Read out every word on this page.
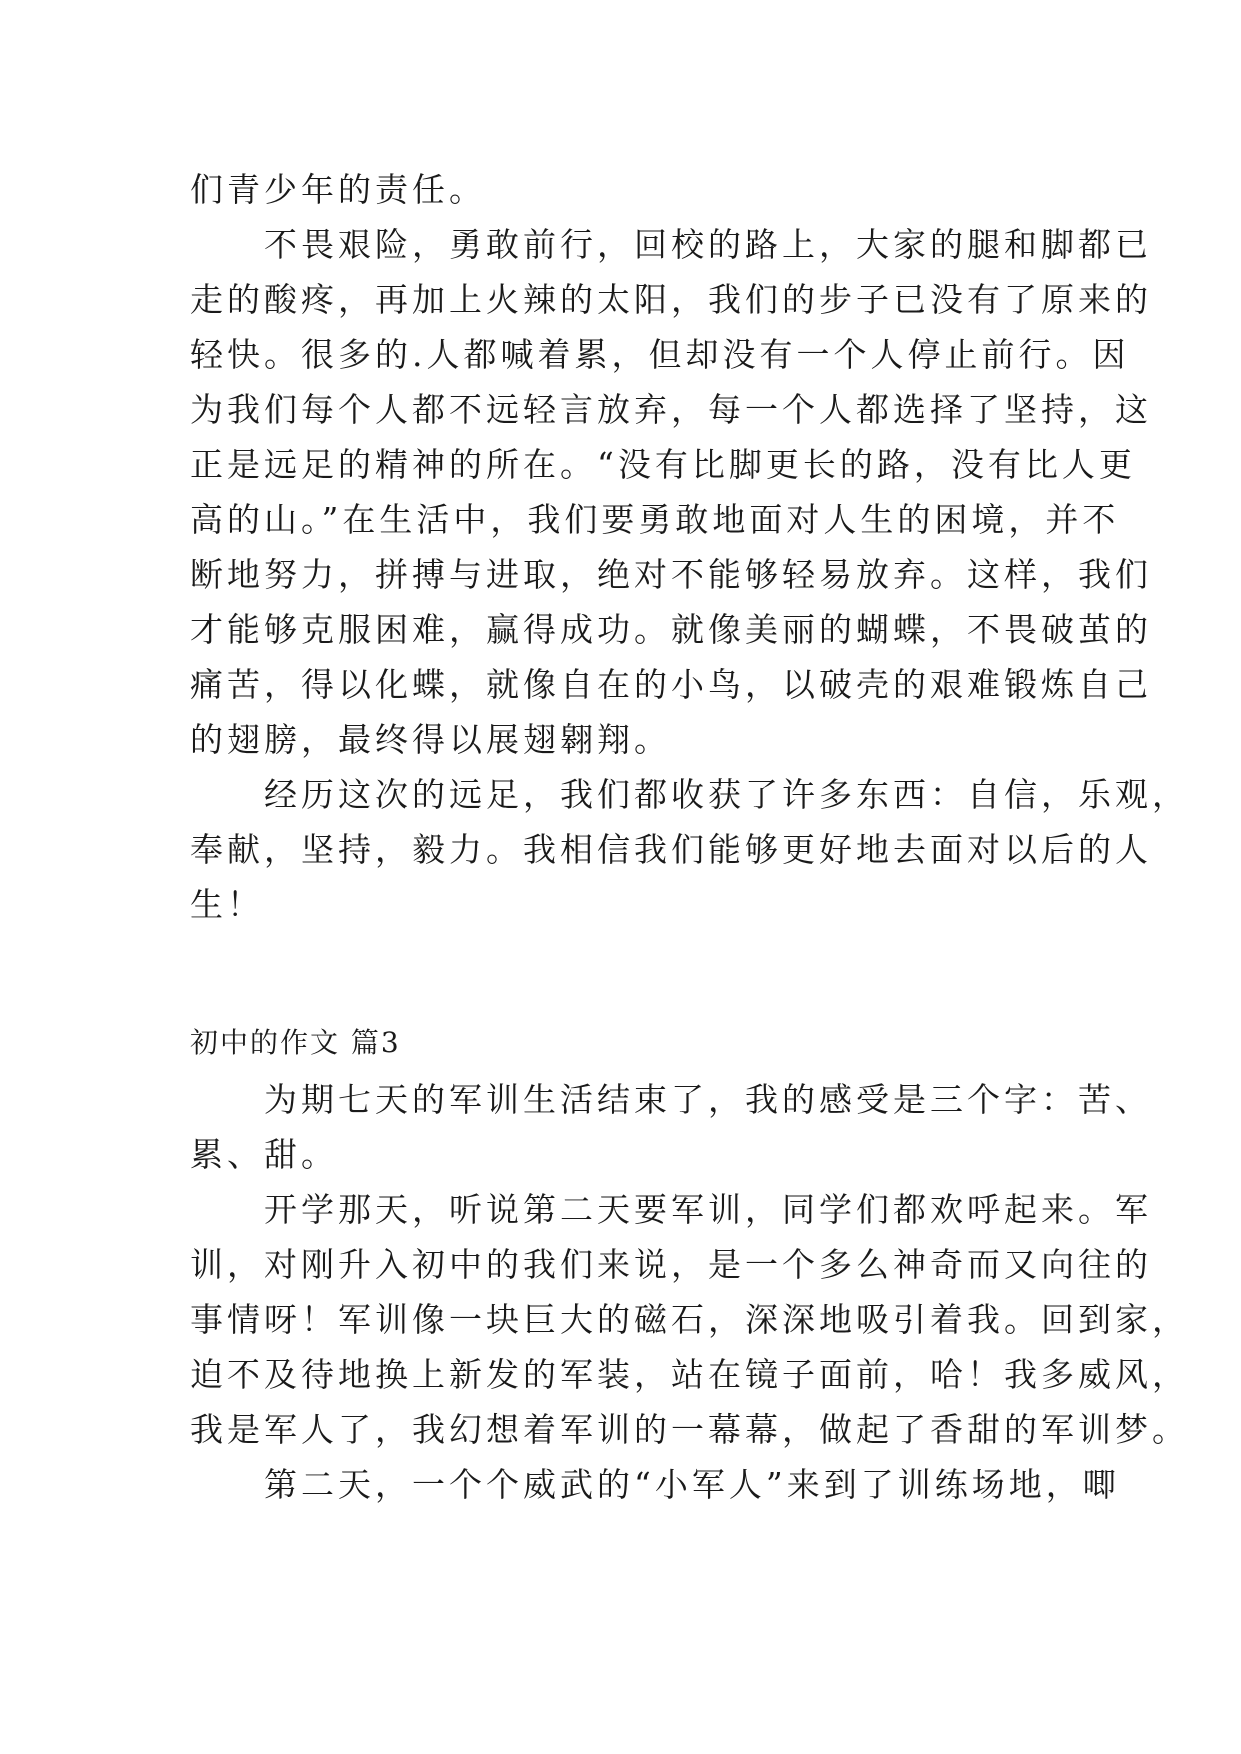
们青少年的责任。
　　不畏艰险，勇敢前行，回校的路上，大家的腿和脚都已
走的酸疼，再加上火辣的太阳，我们的步子已没有了原来的
轻快。很多的.人都喊着累，但却没有一个人停止前行。因
为我们每个人都不远轻言放弃，每一个人都选择了坚持，这
正是远足的精神的所在。“没有比脚更长的路，没有比人更
高的山。”在生活中，我们要勇敢地面对人生的困境，并不
断地努力，拼搏与进取，绝对不能够轻易放弃。这样，我们
才能够克服困难，赢得成功。就像美丽的蝴蝶，不畏破茧的
痛苦，得以化蝶，就像自在的小鸟，以破壳的艰难锻炼自己
的翅膀，最终得以展翅翱翔。
　　经历这次的远足，我们都收获了许多东西：自信，乐观，
奉献，坚持，毅力。我相信我们能够更好地去面对以后的人
生！
初中的作文 篇3
　　为期七天的军训生活结束了，我的感受是三个字：苦、
累、甜。
　　开学那天，听说第二天要军训，同学们都欢呼起来。军
训，对刚升入初中的我们来说，是一个多么神奇而又向往的
事情呀！军训像一块巨大的磁石，深深地吸引着我。回到家，
迫不及待地换上新发的军装，站在镜子面前，哈！我多威风，
我是军人了，我幻想着军训的一幕幕，做起了香甜的军训梦。
　　第二天，一个个威武的“小军人”来到了训练场地，唧
